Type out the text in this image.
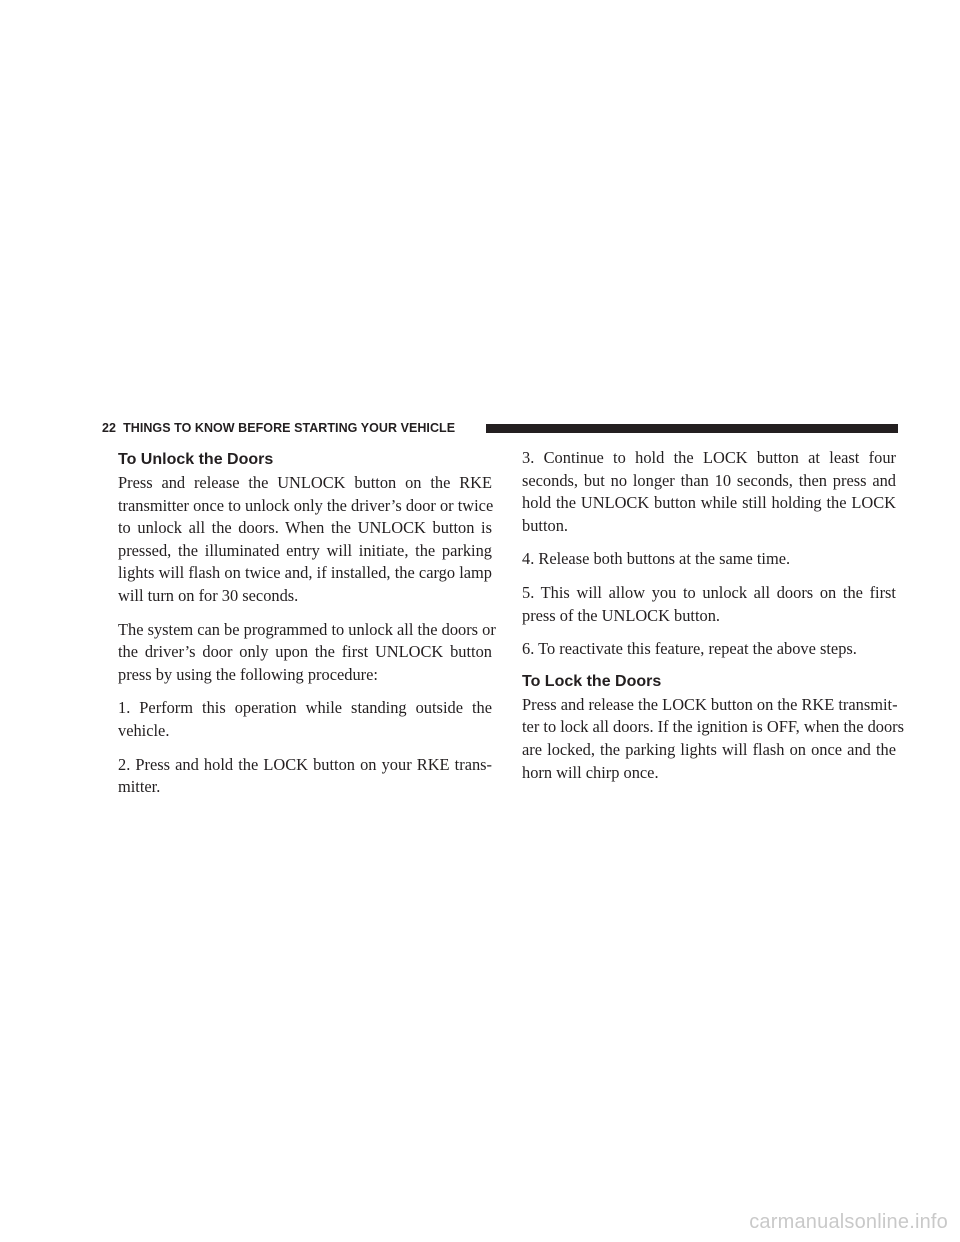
22 THINGS TO KNOW BEFORE STARTING YOUR VEHICLE
To Unlock the Doors

Press and release the UNLOCK button on the RKE
transmitter once to unlock only the driver’s door or twice
to unlock all the doors. When the UNLOCK button is
pressed, the illuminated entry will initiate, the parking
lights will flash on twice and, if installed, the cargo lamp
will turn on for 30 seconds.

The system can be programmed to unlock all the doors or
the driver’s door only upon the first UNLOCK button
press by using the following procedure:

1. Perform this operation while standing outside the
vehicle.

2. Press and hold the LOCK button on your RKE trans-
mitter.

3. Continue to hold the LOCK button at least four
seconds, but no longer than 10 seconds, then press and
hold the UNLOCK button while still holding the LOCK
button.

4. Release both buttons at the same time.

5. This will allow you to unlock all doors on the first
press of the UNLOCK button.

6. To reactivate this feature, repeat the above steps.

To Lock the Doors

Press and release the LOCK button on the RKE transmit-
ter to lock all doors. If the ignition is OFF, when the doors
are locked, the parking lights will flash on once and the
horn will chirp once.

carmanualsonline.info
